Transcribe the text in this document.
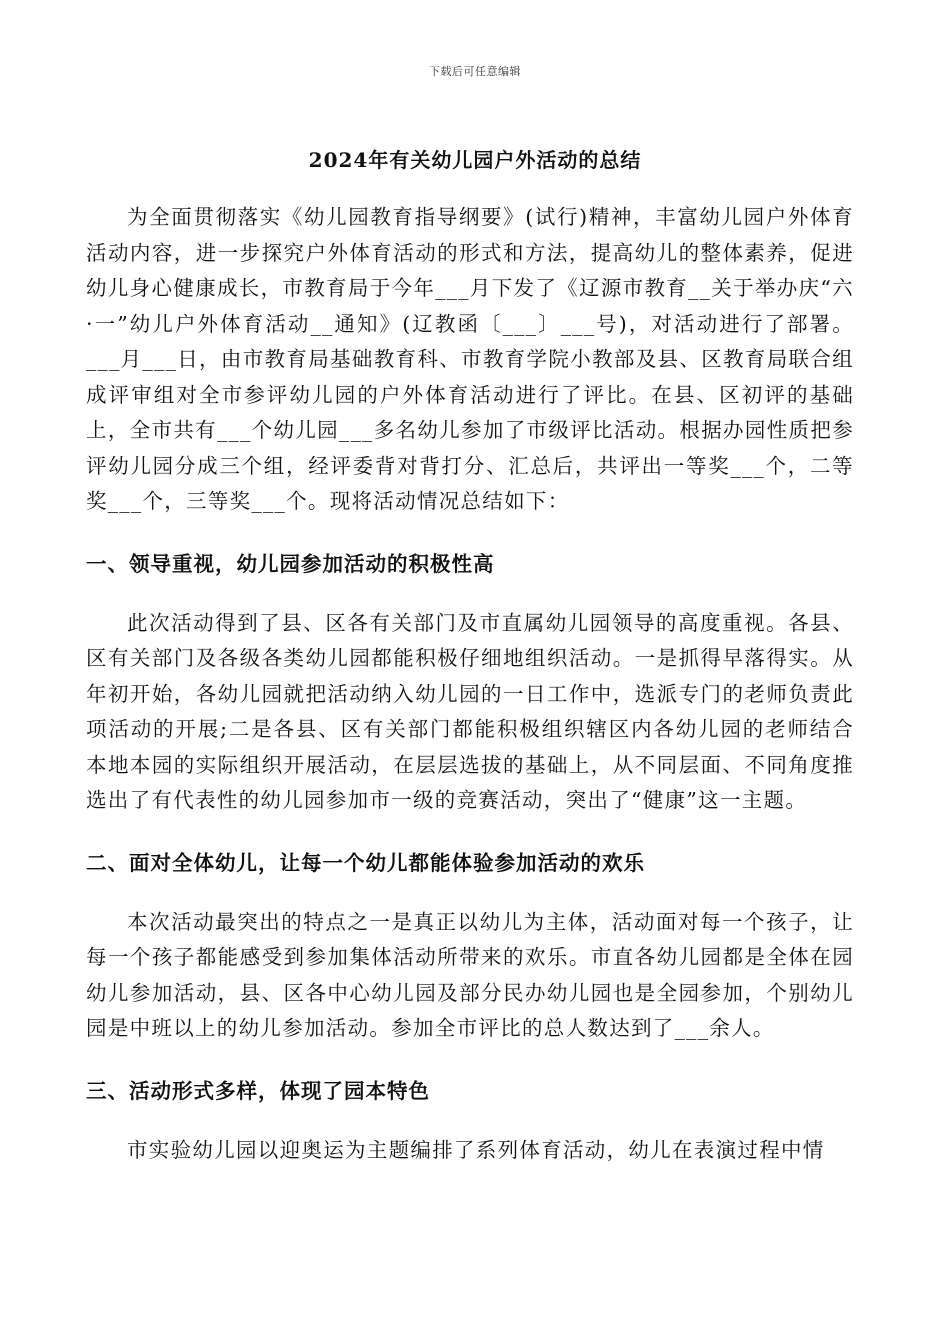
下载后可任意编辑
2024年有关幼儿园户外活动的总结

为全面贯彻落实《幼儿园教育指导纲要》(试行)精神，丰富幼儿园户外体育活动内容，进一步探究户外体育活动的形式和方法，提高幼儿的整体素养，促进幼儿身心健康成长，市教育局于今年___月下发了《辽源市教育__关于举办庆“六·一”幼儿户外体育活动__通知》(辽教函〔___〕___号)，对活动进行了部署。___月___日，由市教育局基础教育科、市教育学院小教部及县、区教育局联合组成评审组对全市参评幼儿园的户外体育活动进行了评比。在县、区初评的基础上，全市共有___个幼儿园___多名幼儿参加了市级评比活动。根据办园性质把参评幼儿园分成三个组，经评委背对背打分、汇总后，共评出一等奖___个，二等奖___个，三等奖___个。现将活动情况总结如下：

一、领导重视，幼儿园参加活动的积极性高

此次活动得到了县、区各有关部门及市直属幼儿园领导的高度重视。各县、区有关部门及各级各类幼儿园都能积极仔细地组织活动。一是抓得早落得实。从年初开始，各幼儿园就把活动纳入幼儿园的一日工作中，选派专门的老师负责此项活动的开展;二是各县、区有关部门都能积极组织辖区内各幼儿园的老师结合本地本园的实际组织开展活动，在层层选拔的基础上，从不同层面、不同角度推选出了有代表性的幼儿园参加市一级的竞赛活动，突出了“健康”这一主题。

二、面对全体幼儿，让每一个幼儿都能体验参加活动的欢乐

本次活动最突出的特点之一是真正以幼儿为主体，活动面对每一个孩子，让每一个孩子都能感受到参加集体活动所带来的欢乐。市直各幼儿园都是全体在园幼儿参加活动，县、区各中心幼儿园及部分民办幼儿园也是全园参加，个别幼儿园是中班以上的幼儿参加活动。参加全市评比的总人数达到了___余人。

三、活动形式多样，体现了园本特色

市实验幼儿园以迎奥运为主题编排了系列体育活动，幼儿在表演过程中情
